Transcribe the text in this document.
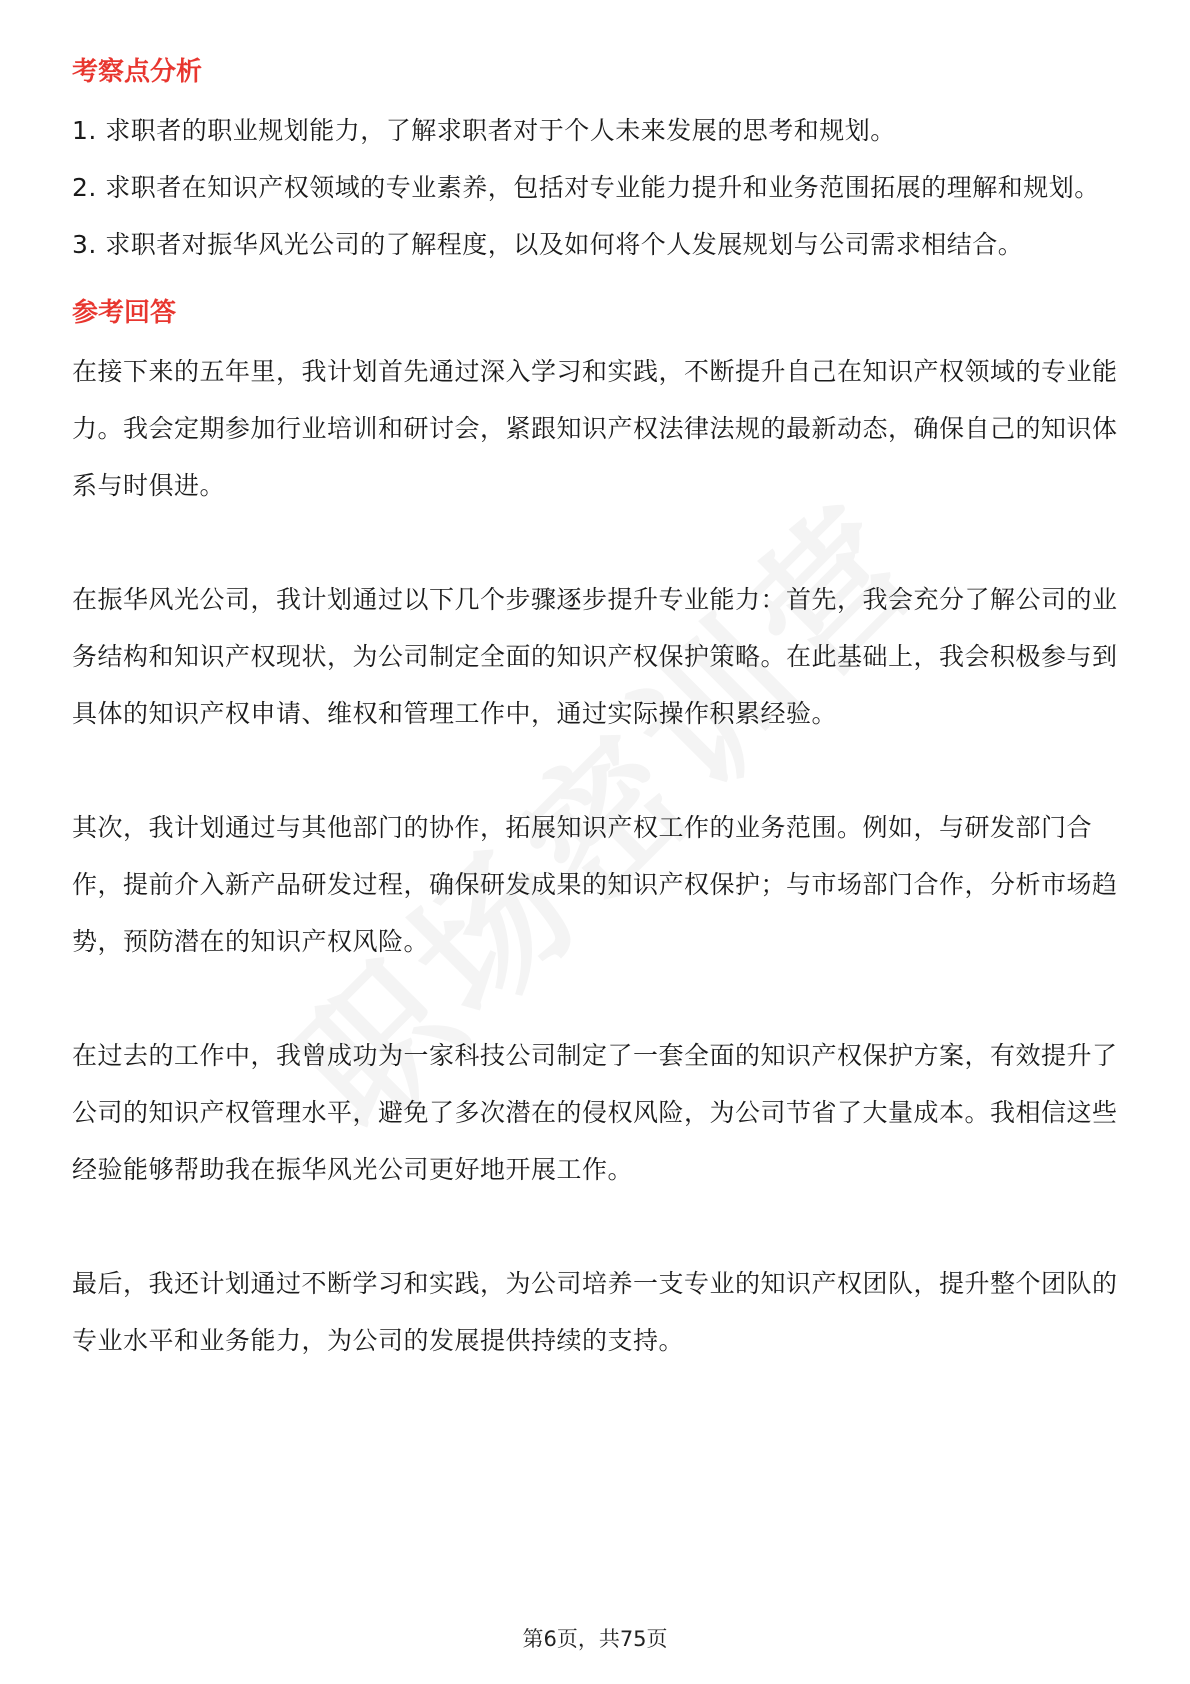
考察点分析

1. 求职者的职业规划能力，了解求职者对于个人未来发展的思考和规划。

2. 求职者在知识产权领域的专业素养，包括对专业能力提升和业务范围拓展的理解和规划。

3. 求职者对振华风光公司的了解程度，以及如何将个人发展规划与公司需求相结合。

参考回答

在接下来的五年里，我计划首先通过深入学习和实践，不断提升自己在知识产权领域的专业能力。我会定期参加行业培训和研讨会，紧跟知识产权法律法规的最新动态，确保自己的知识体系与时俱进。

在振华风光公司，我计划通过以下几个步骤逐步提升专业能力：首先，我会充分了解公司的业务结构和知识产权现状，为公司制定全面的知识产权保护策略。在此基础上，我会积极参与到具体的知识产权申请、维权和管理工作中，通过实际操作积累经验。

其次，我计划通过与其他部门的协作，拓展知识产权工作的业务范围。例如，与研发部门合作，提前介入新产品研发过程，确保研发成果的知识产权保护；与市场部门合作，分析市场趋势，预防潜在的知识产权风险。

在过去的工作中，我曾成功为一家科技公司制定了一套全面的知识产权保护方案，有效提升了公司的知识产权管理水平，避免了多次潜在的侵权风险，为公司节省了大量成本。我相信这些经验能够帮助我在振华风光公司更好地开展工作。

最后，我还计划通过不断学习和实践，为公司培养一支专业的知识产权团队，提升整个团队的专业水平和业务能力，为公司的发展提供持续的支持。

第6页，共75页
